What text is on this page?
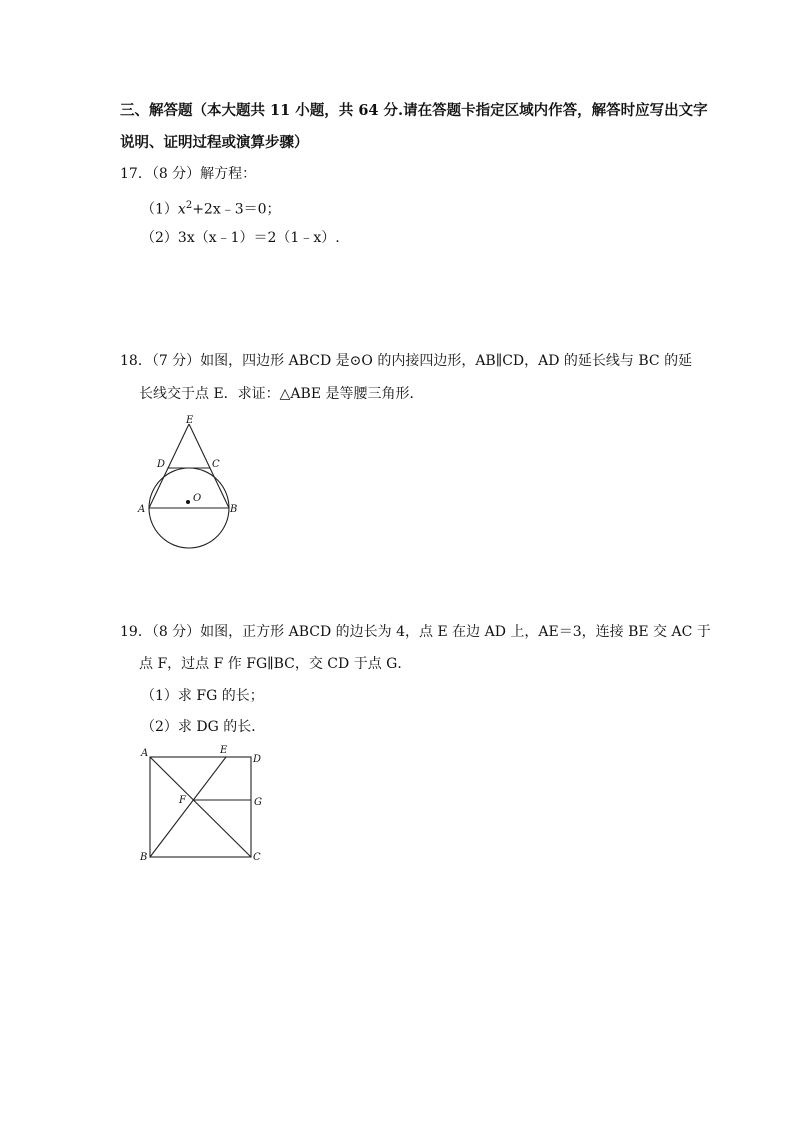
三、解答题（本大题共 11 小题，共 64 分.请在答题卡指定区域内作答，解答时应写出文字
说明、证明过程或演算步骤）
17．（8 分）解方程：
$(1)x^2+2x﹣3=0$；
（2）3x（x﹣1）＝2（1﹣x）.
18．（7 分）如图，四边形 ABCD 是⊙O 的内接四边形，AB∥CD，AD 的延长线与 BC 的延
长线交于点 E．求证：△ABE 是等腰三角形．
E
D	C
O
A	B
19．（8 分）如图，正方形 ABCD 的边长为 4，点 E 在边 AD 上，AE＝3，连接 BE 交 AC 于
点 F，过点 F 作 FG∥BC，交 CD 于点 G．
（1）求 FG 的长；
（2）求 DG 的长．
A	E
D
F	G
B	C
